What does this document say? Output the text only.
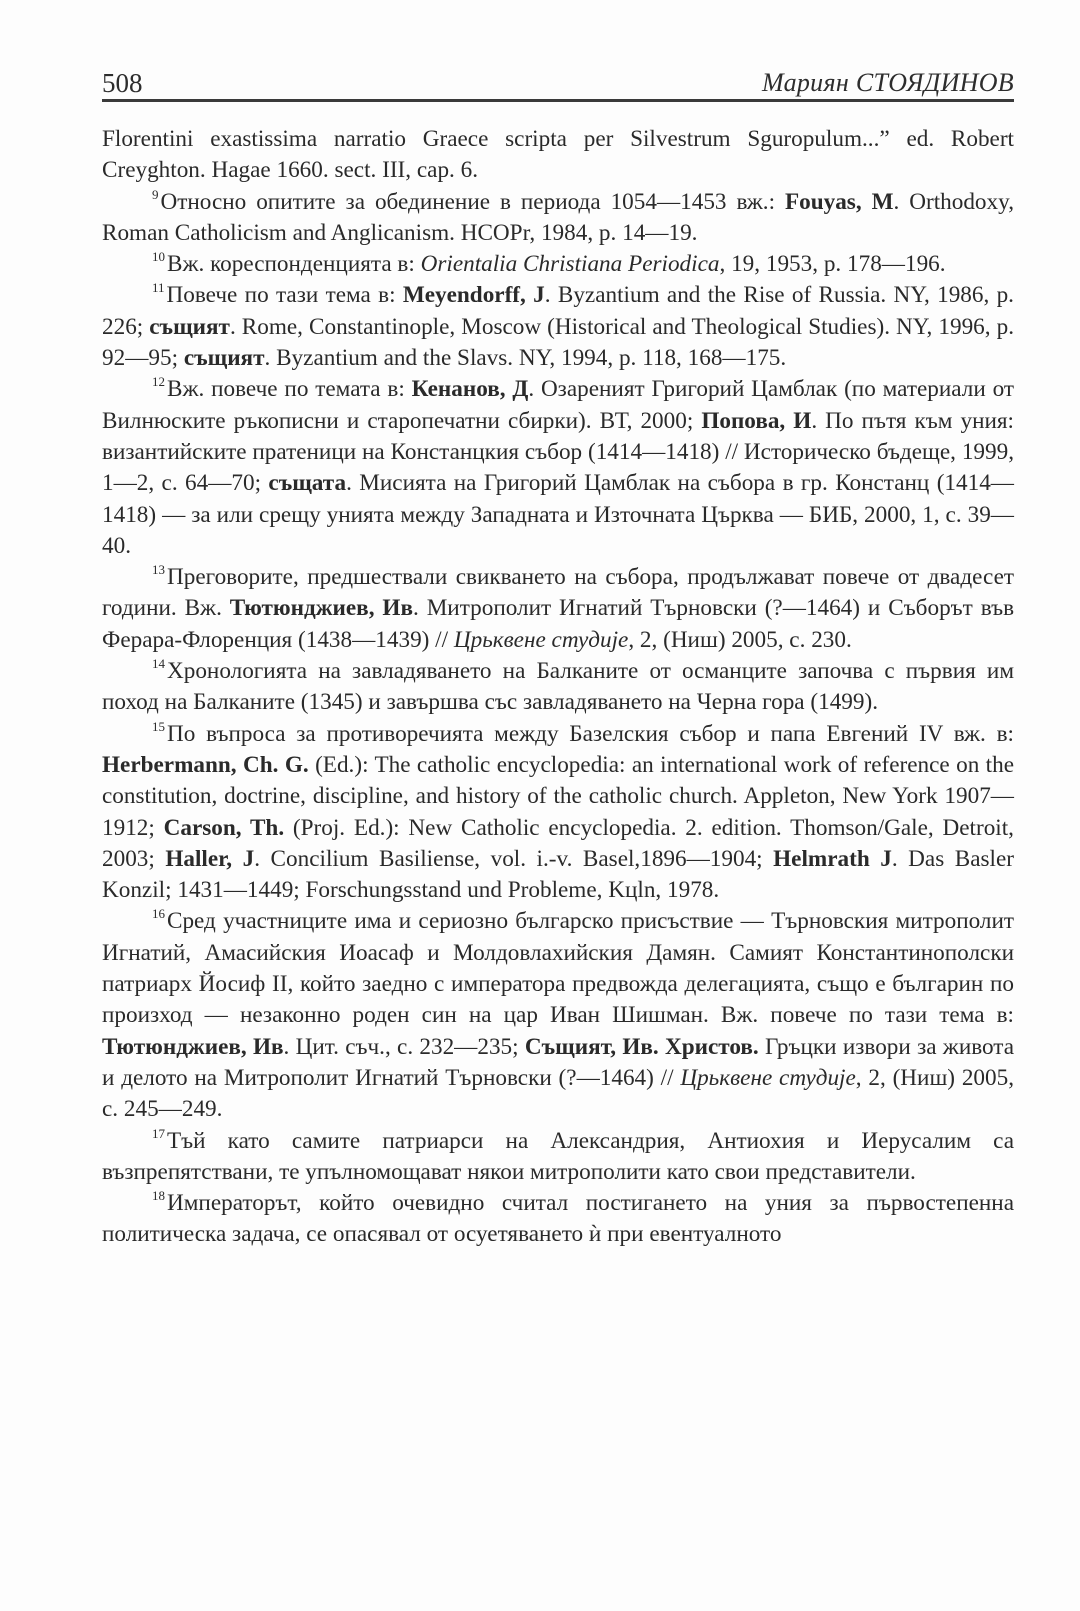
508	Мариян СТОЯДИНОВ

Florentini exastissima narratio Graece scripta per Silvestrum Sguropulum...” ed. Robert Creyghton. Hagae 1660. sect. III, cap. 6.

$^9$Относно опитите за обединение в периода 1054—1453 вж.: Fouyas, M. Orthodoxy, Roman Catholicism and Anglicanism. HCOPr, 1984, p. 14—19.

$^{10}$Вж. кореспонденцията в: Orientalia Christiana Periodica, 19, 1953, p. 178—196.

$^{11}$Повече по тази тема в: Meyendorff, J. Byzantium and the Rise of Russia. NY, 1986, p. 226; същият. Rome, Constantinople, Moscow (Historical and Theological Studies). NY, 1996, p. 92—95; същият. Byzantium and the Slavs. NY, 1994, p. 118, 168—175.

$^{12}$Вж. повече по темата в: Кенанов, Д. Озареният Григорий Цамблак (по материали от Вилнюските ръкописни и старопечатни сбирки). ВТ, 2000; Попова, И. По пътя към уния: византийските пратеници на Констанцкия събор (1414—1418) // Историческо бъдеще, 1999, 1—2, с. 64—70; същата. Мисията на Григорий Цамблак на събора в гр. Констанц (1414—1418) — за или срещу унията между Западната и Източната Църква — БИБ, 2000, 1, с. 39—40.

$^{13}$Преговорите, предшествали свикването на събора, продължават повече от двадесет години. Вж. Тютюнджиев, Ив. Митрополит Игнатий Търновски (?—1464) и Съборът във Ферара-Флоренция (1438—1439) // Црьквене студије, 2, (Ниш) 2005, с. 230.

$^{14}$Хронологията на завладяването на Балканите от османците започва с първия им поход на Балканите (1345) и завършва със завладяването на Черна гора (1499).

$^{15}$По въпроса за противоречията между Базелския събор и папа Евгений IV вж. в: Herbermann, Ch. G. (Ed.): The catholic encyclopedia: an international work of reference on the constitution, doctrine, discipline, and history of the catholic church. Appleton, New York 1907—1912; Carson, Th. (Proj. Ed.): New Catholic encyclopedia. 2. edition. Thomson/Gale, Detroit, 2003; Haller, J. Concilium Basiliense, vol. i.-v. Basel,1896—1904; Helmrath J. Das Basler Konzil; 1431—1449; Forschungsstand und Probleme, Kцln, 1978.

$^{16}$Сред участниците има и сериозно българско присъствие — Търновския митрополит Игнатий, Амасийския Иоасаф и Молдовлахийския Дамян. Самият Константинополски патриарх Йосиф II, който заедно с императора предвожда делегацията, също е българин по произход — незаконно роден син на цар Иван Шишман. Вж. повече по тази тема в: Тютюнджиев, Ив. Цит. съч., с. 232—235; Същият, Ив. Христов. Гръцки извори за живота и делото на Митрополит Игнатий Търновски (?—1464) // Црьквене студије, 2, (Ниш) 2005, с. 245—249.

$^{17}$Тъй като самите патриарси на Александрия, Антиохия и Иерусалим са възпрепятствани, те упълномощават някои митрополити като свои представители.

$^{18}$Императорът, който очевидно считал постигането на уния за първостепенна политическа задача, се опасявал от осуетяването ѝ при евентуалното
